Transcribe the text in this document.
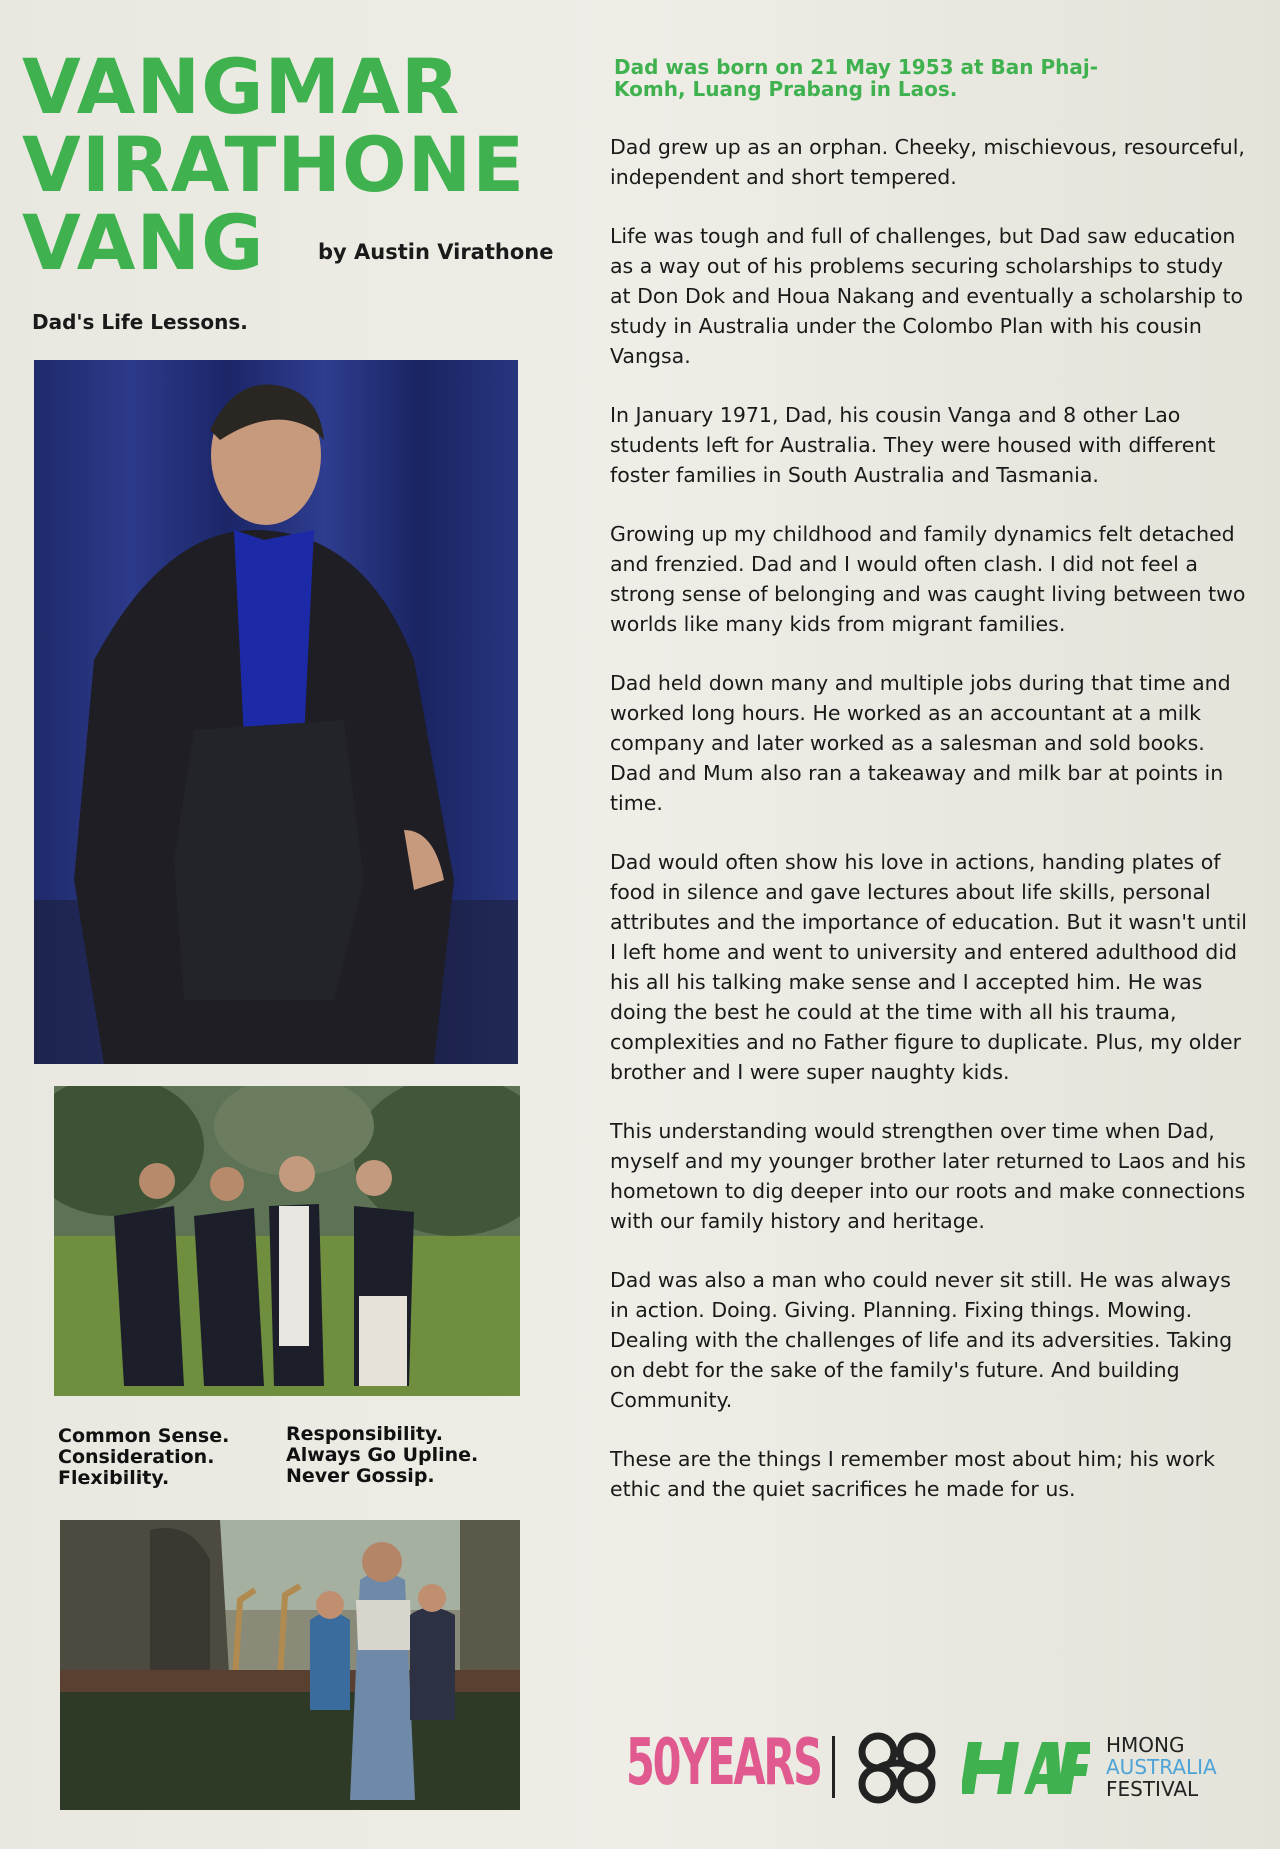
VANGMAR
VIRATHONE
VANG	by Austin Virathone
Dad's Life Lessons.
Common Sense.
Consideration.
Flexibility.
Responsibility.
Always Go Upline.
Never Gossip.
Dad was born on 21 May 1953 at Ban Phaj-Komh, Luang Prabang in Laos.

Dad grew up as an orphan. Cheeky, mischievous, resourceful, independent and short tempered.

Life was tough and full of challenges, but Dad saw education as a way out of his problems securing scholarships to study at Don Dok and Houa Nakang and eventually a scholarship to study in Australia under the Colombo Plan with his cousin Vangsa.

In January 1971, Dad, his cousin Vanga and 8 other Lao students left for Australia. They were housed with different foster families in South Australia and Tasmania.

Growing up my childhood and family dynamics felt detached and frenzied. Dad and I would often clash. I did not feel a strong sense of belonging and was caught living between two worlds like many kids from migrant families.

Dad held down many and multiple jobs during that time and worked long hours. He worked as an accountant at a milk company and later worked as a salesman and sold books. Dad and Mum also ran a takeaway and milk bar at points in time.

Dad would often show his love in actions, handing plates of food in silence and gave lectures about life skills, personal attributes and the importance of education. But it wasn't until I left home and went to university and entered adulthood did his all his talking make sense and I accepted him. He was doing the best he could at the time with all his trauma, complexities and no Father figure to duplicate. Plus, my older brother and I were super naughty kids.

This understanding would strengthen over time when Dad, myself and my younger brother later returned to Laos and his hometown to dig deeper into our roots and make connections with our family history and heritage.

Dad was also a man who could never sit still. He was always in action. Doing. Giving. Planning. Fixing things. Mowing. Dealing with the challenges of life and its adversities. Taking on debt for the sake of the family's future. And building Community.

These are the things I remember most about him; his work ethic and the quiet sacrifices he made for us.

50YEARS	HMONG
AUSTRALIA
FESTIVAL
